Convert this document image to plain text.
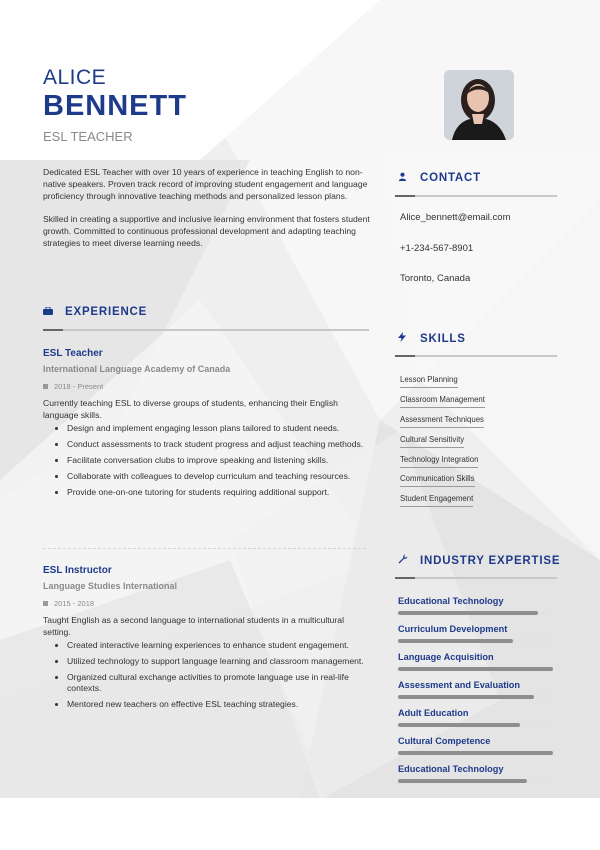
ALICE
BENNETT
ESL TEACHER

Dedicated ESL Teacher with over 10 years of experience in teaching English to non-native speakers. Proven track record of improving student engagement and language proficiency through innovative teaching methods and personalized lesson plans.

Skilled in creating a supportive and inclusive learning environment that fosters student growth. Committed to continuous professional development and adapting teaching strategies to meet diverse learning needs.

CONTACT
Alice_bennett@email.com
+1-234-567-8901
Toronto, Canada
EXPERIENCE
ESL Teacher
International Language Academy of Canada
2018 - Present
Currently teaching ESL to diverse groups of students, enhancing their English language skills.
• Design and implement engaging lesson plans tailored to student needs.
• Conduct assessments to track student progress and adjust teaching methods.
• Facilitate conversation clubs to improve speaking and listening skills.
• Collaborate with colleagues to develop curriculum and teaching resources.
• Provide one-on-one tutoring for students requiring additional support.
ESL Instructor
Language Studies International
2015 - 2018
Taught English as a second language to international students in a multicultural setting.
• Created interactive learning experiences to enhance student engagement.
• Utilized technology to support language learning and classroom management.
• Organized cultural exchange activities to promote language use in real-life contexts.
• Mentored new teachers on effective ESL teaching strategies.
SKILLS
Lesson Planning
Classroom Management
Assessment Techniques
Cultural Sensitivity
Technology Integration
Communication Skills
Student Engagement
INDUSTRY EXPERTISE
Educational Technology
Curriculum Development
Language Acquisition
Assessment and Evaluation
Adult Education
Cultural Competence
Educational Technology
